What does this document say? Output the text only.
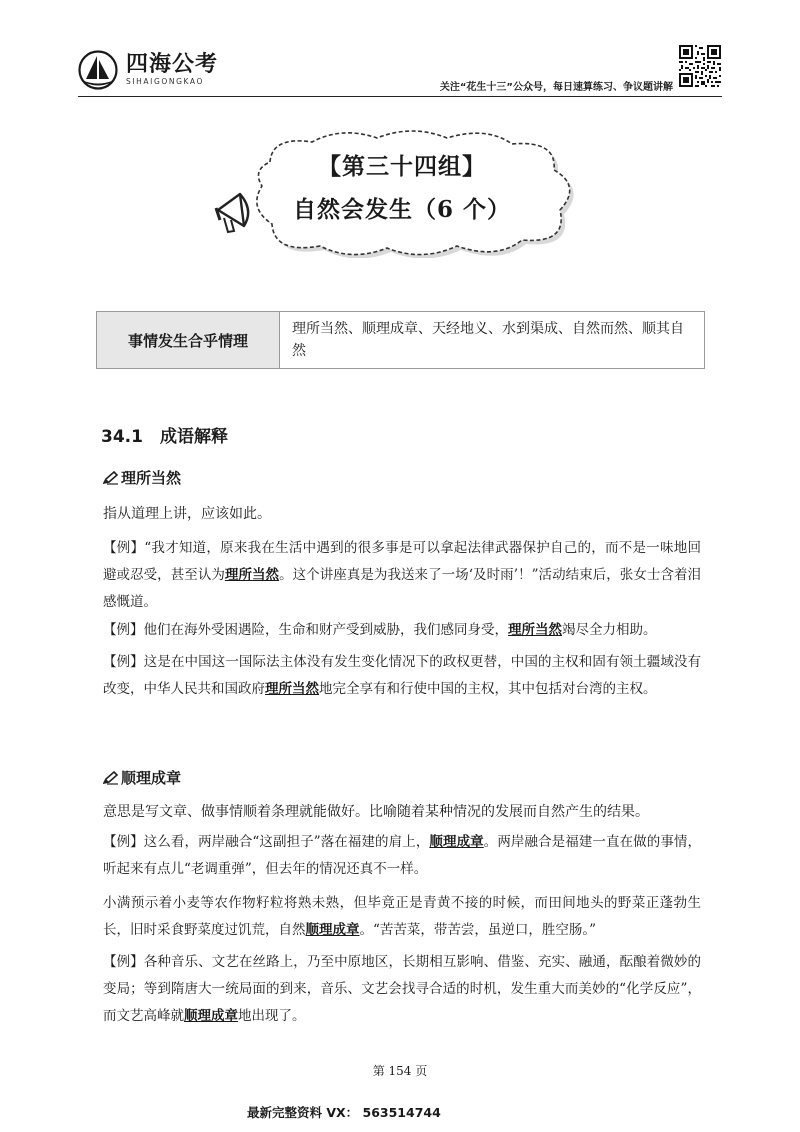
四海公考
SIHAIGONGKAO
关注“花生十三”公众号，每日速算练习、争议题讲解
【第三十四组】
自然会发生（6 个）
事情发生合乎情理
理所当然、顺理成章、天经地义、水到渠成、自然而然、顺其自然
34.1　成语解释
理所当然
指从道理上讲，应该如此。
【例】“我才知道，原来我在生活中遇到的很多事是可以拿起法律武器保护自己的，而不是一味地回避或忍受，甚至认为理所当然。这个讲座真是为我送来了一场‘及时雨’！”活动结束后，张女士含着泪感慨道。
【例】他们在海外受困遇险，生命和财产受到威胁，我们感同身受，理所当然竭尽全力相助。
【例】这是在中国这一国际法主体没有发生变化情况下的政权更替，中国的主权和固有领土疆域没有改变，中华人民共和国政府理所当然地完全享有和行使中国的主权，其中包括对台湾的主权。
顺理成章
意思是写文章、做事情顺着条理就能做好。比喻随着某种情况的发展而自然产生的结果。
【例】这么看，两岸融合“这副担子”落在福建的肩上，顺理成章。两岸融合是福建一直在做的事情，听起来有点儿“老调重弹”，但去年的情况还真不一样。
小满预示着小麦等农作物籽粒将熟未熟，但毕竟正是青黄不接的时候，而田间地头的野菜正蓬勃生长，旧时采食野菜度过饥荒，自然顺理成章。“苦苦菜，带苦尝，虽逆口，胜空肠。”
【例】各种音乐、文艺在丝路上，乃至中原地区，长期相互影响、借鉴、充实、融通，酝酿着微妙的变局；等到隋唐大一统局面的到来，音乐、文艺会找寻合适的时机，发生重大而美妙的“化学反应”，而文艺高峰就顺理成章地出现了。
第 154 页
最新完整资料 VX： 563514744
